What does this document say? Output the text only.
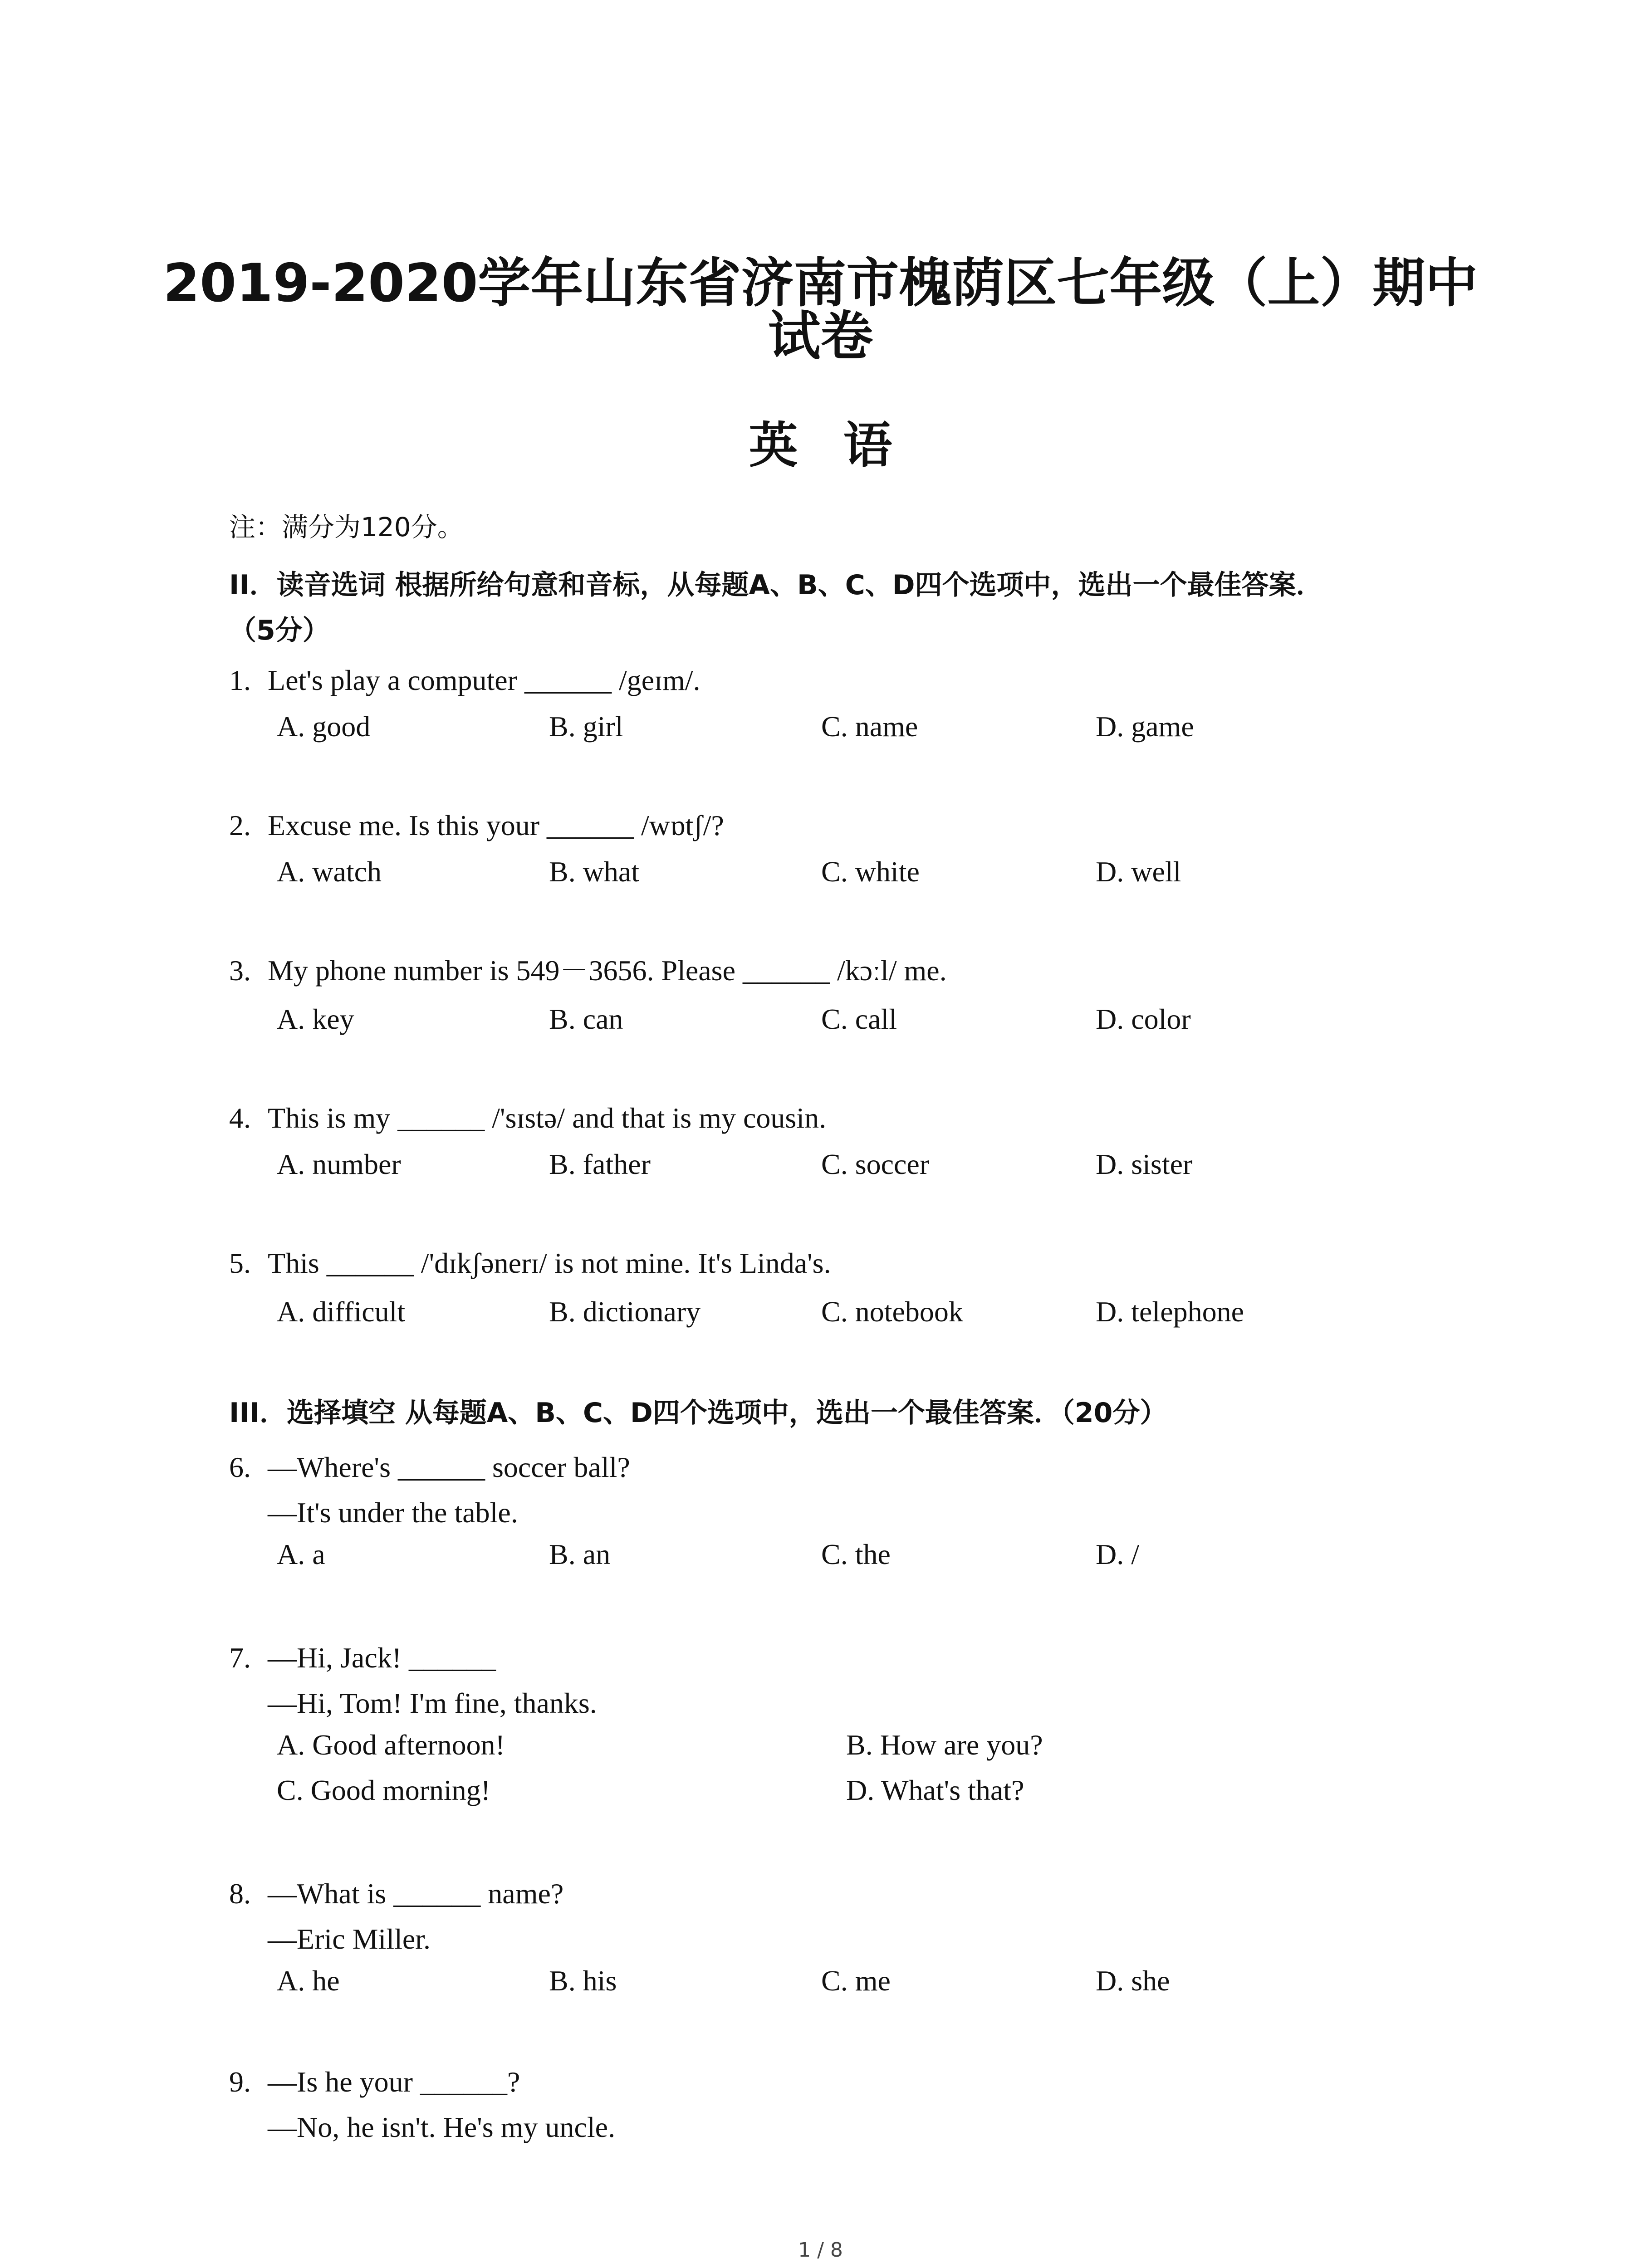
2019-2020学年山东省济南市槐荫区七年级（上）期中
试卷
英语
注：满分为120分。
II．读音选词 根据所给句意和音标，从每题A、B、C、D四个选项中，选出一个最佳答案．
（5分）
1. Let's play a computer ______ /geɪm/.
A. good	B. girl	C. name	D. game
2. Excuse me. Is this your ______ /wɒtʃ/?
A. watch	B. what	C. white	D. well
3. My phone number is 549－3656. Please ______ /kɔːl/ me.
A. key	B. can	C. call	D. color
4. This is my ______ /'sɪstə/ and that is my cousin.
A. number	B. father	C. soccer	D. sister
5. This ______ /'dɪkʃənerɪ/ is not mine. It's Linda's.
A. difficult	B. dictionary	C. notebook	D. telephone
III．选择填空 从每题A、B、C、D四个选项中，选出一个最佳答案．（20分）
6. —Where's ______ soccer ball?
—It's under the table.
A. a	B. an	C. the	D. /
7. —Hi, Jack! ______
—Hi, Tom! I'm fine, thanks.
A. Good afternoon!	B. How are you?
C. Good morning!	D. What's that?
8. —What is ______ name?
—Eric Miller.
A. he	B. his	C. me	D. she
9. —Is he your ______?
—No, he isn't. He's my uncle.
1 / 8
